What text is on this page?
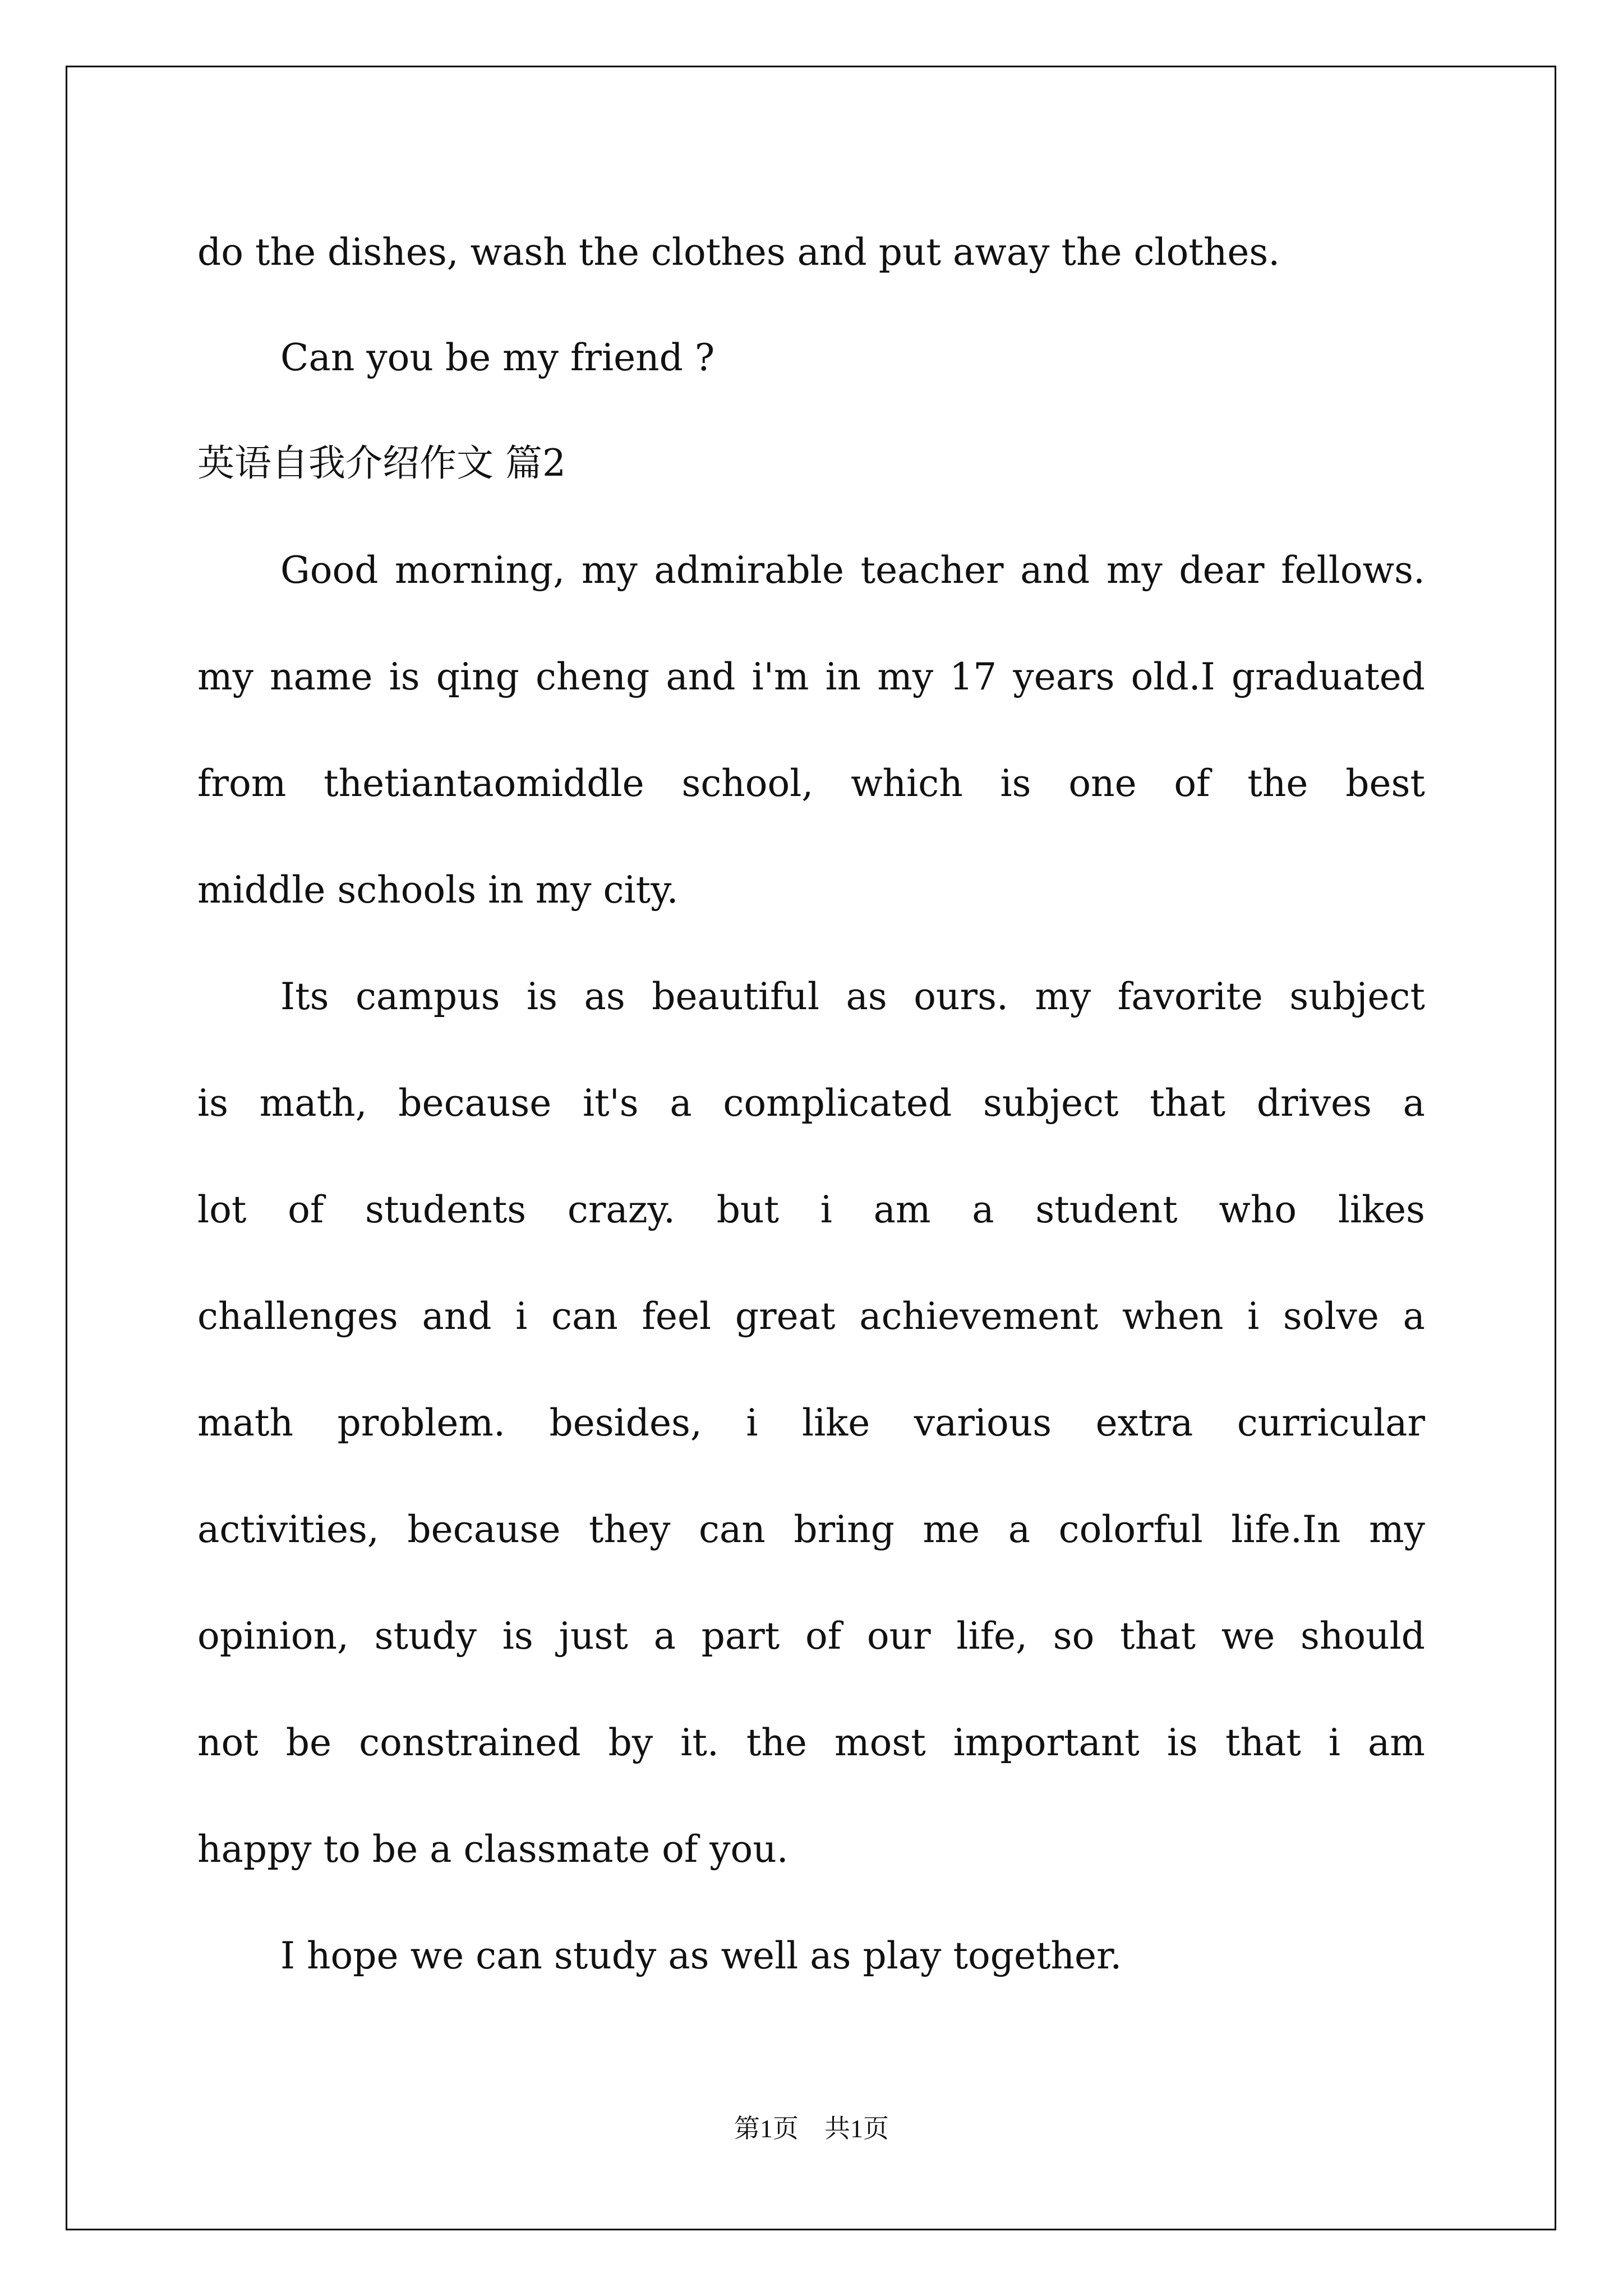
do the dishes, wash the clothes and put away the clothes.
Can you be my friend ?
英语自我介绍作文 篇2
Good morning, my admirable teacher and my dear fellows.
my name is qing cheng and i'm in my 17 years old.I graduated
from thetiantaomiddle school, which is one of the best
middle schools in my city.
Its campus is as beautiful as ours. my favorite subject
is math, because it's a complicated subject that drives a
lot of students crazy. but i am a student who likes
challenges and i can feel great achievement when i solve a
math problem. besides, i like various extra curricular
activities, because they can bring me a colorful life.In my
opinion, study is just a part of our life, so that we should
not be constrained by it. the most important is that i am
happy to be a classmate of you.
I hope we can study as well as play together.
第1页 共1页
